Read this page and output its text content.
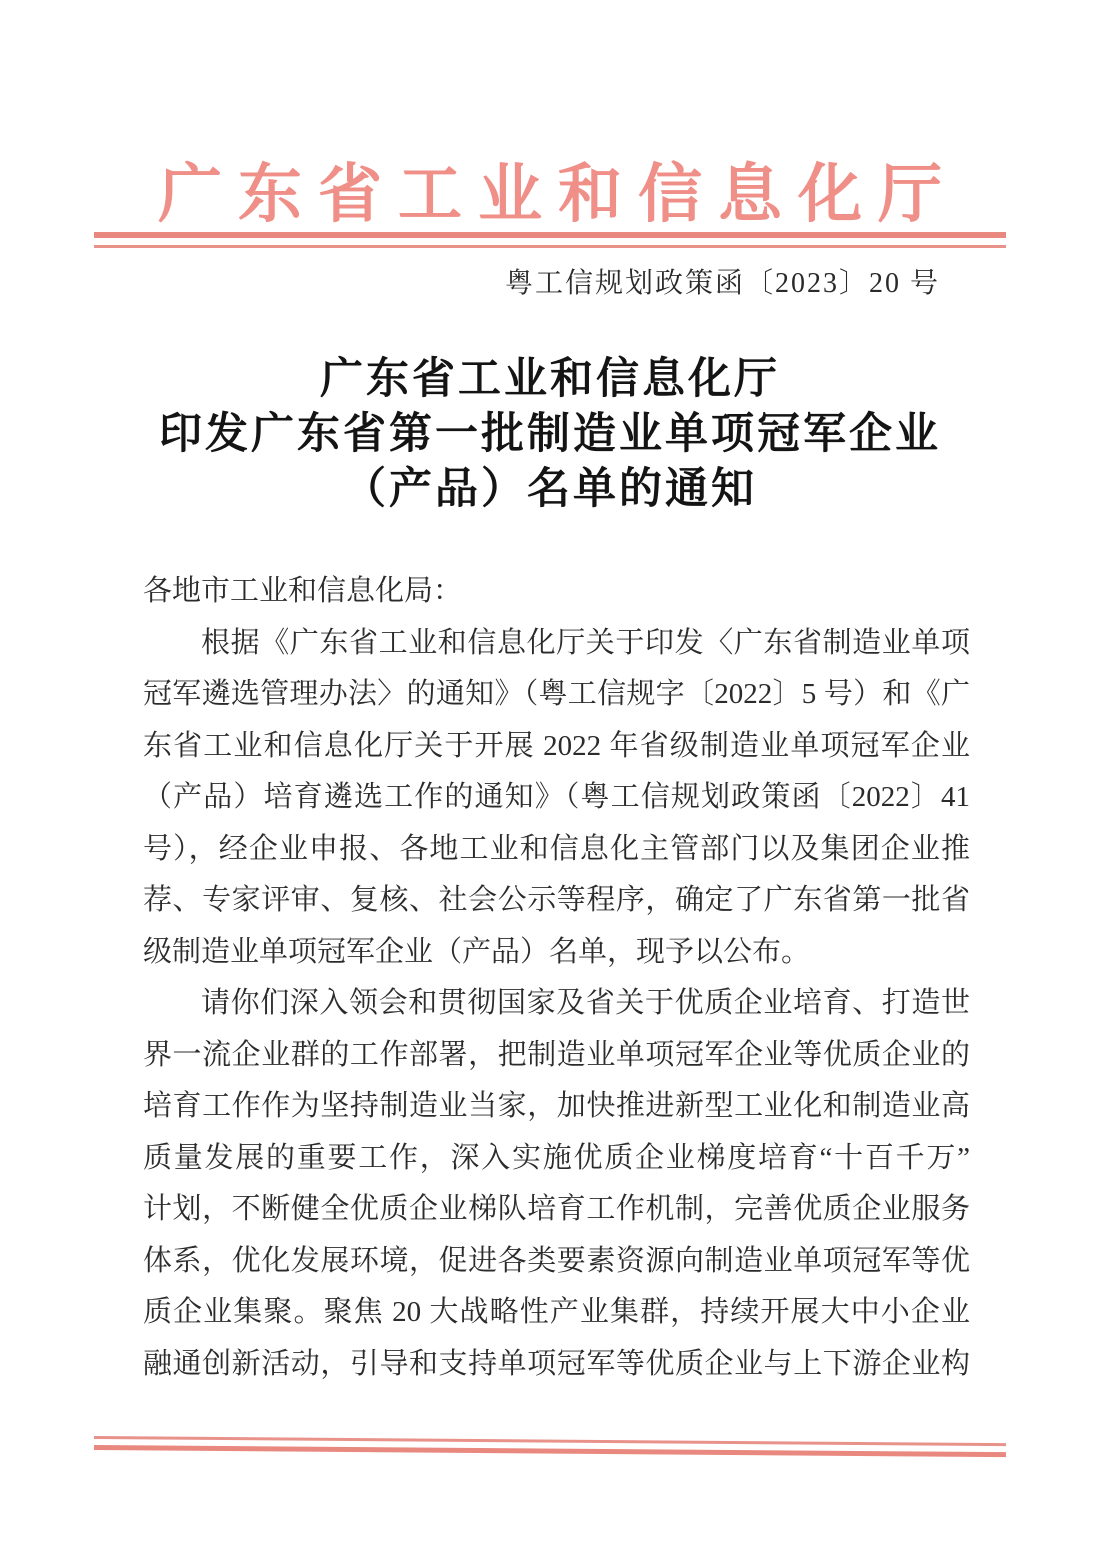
广东省工业和信息化厅
粤工信规划政策函〔2023〕20 号
广东省工业和信息化厅
印发广东省第一批制造业单项冠军企业
（产品）名单的通知
各地市工业和信息化局：
根据《广东省工业和信息化厅关于印发〈广东省制造业单项
冠军遴选管理办法〉的通知》（粤工信规字〔2022〕5 号）和《广
东省工业和信息化厅关于开展 2022 年省级制造业单项冠军企业
（产品）培育遴选工作的通知》（粤工信规划政策函〔2022〕41
号），经企业申报、各地工业和信息化主管部门以及集团企业推
荐、专家评审、复核、社会公示等程序，确定了广东省第一批省
级制造业单项冠军企业（产品）名单，现予以公布。
请你们深入领会和贯彻国家及省关于优质企业培育、打造世
界一流企业群的工作部署，把制造业单项冠军企业等优质企业的
培育工作作为坚持制造业当家，加快推进新型工业化和制造业高
质量发展的重要工作，深入实施优质企业梯度培育“十百千万”
计划，不断健全优质企业梯队培育工作机制，完善优质企业服务
体系，优化发展环境，促进各类要素资源向制造业单项冠军等优
质企业集聚。聚焦 20 大战略性产业集群，持续开展大中小企业
融通创新活动，引导和支持单项冠军等优质企业与上下游企业构
